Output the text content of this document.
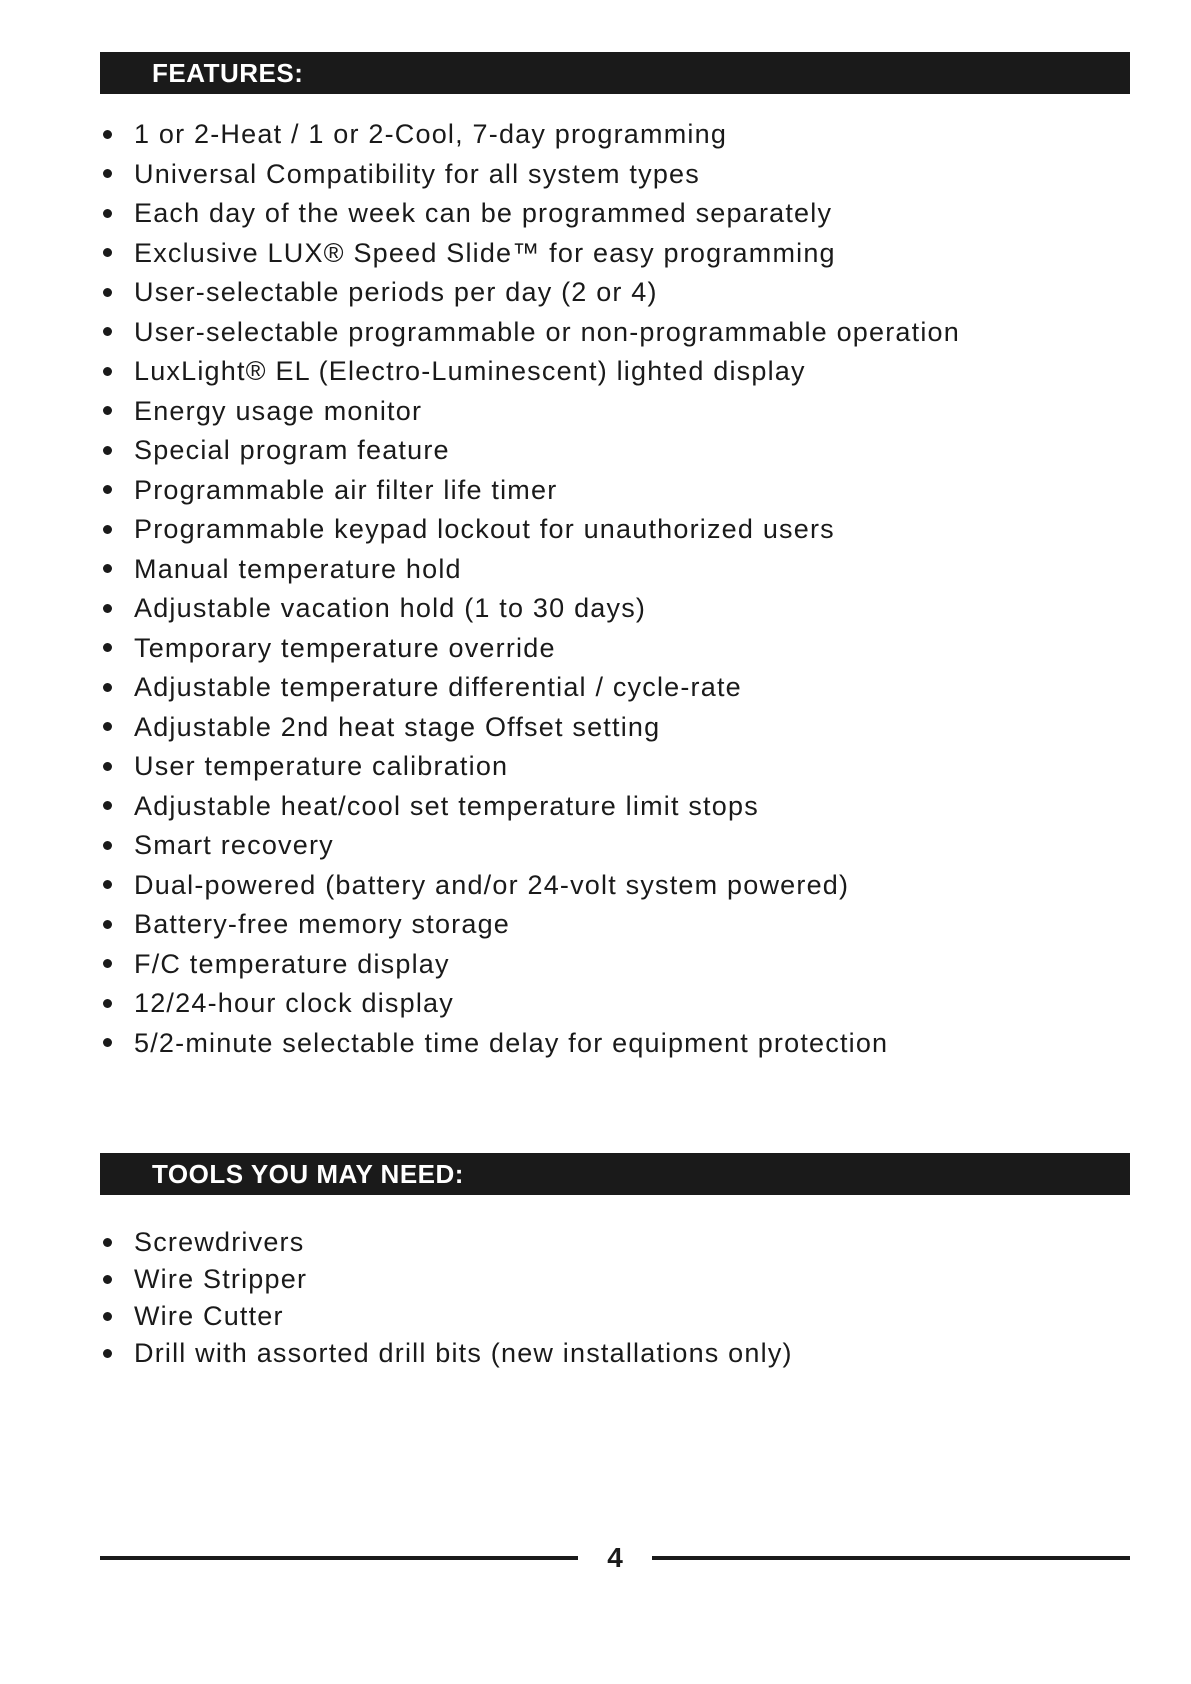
FEATURES:
1 or 2-Heat / 1 or 2-Cool, 7-day programming
Universal Compatibility for all system types
Each day of the week can be programmed separately
Exclusive LUX® Speed Slide™ for easy programming
User-selectable periods per day (2 or 4)
User-selectable programmable or non-programmable operation
LuxLight® EL (Electro-Luminescent) lighted display
Energy usage monitor
Special program feature
Programmable air filter life timer
Programmable keypad lockout for unauthorized users
Manual temperature hold
Adjustable vacation hold (1 to 30 days)
Temporary temperature override
Adjustable temperature differential / cycle-rate
Adjustable 2nd heat stage Offset setting
User temperature calibration
Adjustable heat/cool set temperature limit stops
Smart recovery
Dual-powered (battery and/or 24-volt system powered)
Battery-free memory storage
F/C temperature display
12/24-hour clock display
5/2-minute selectable time delay for equipment protection
TOOLS YOU MAY NEED:
Screwdrivers
Wire Stripper
Wire Cutter
Drill with assorted drill bits (new installations only)
4
